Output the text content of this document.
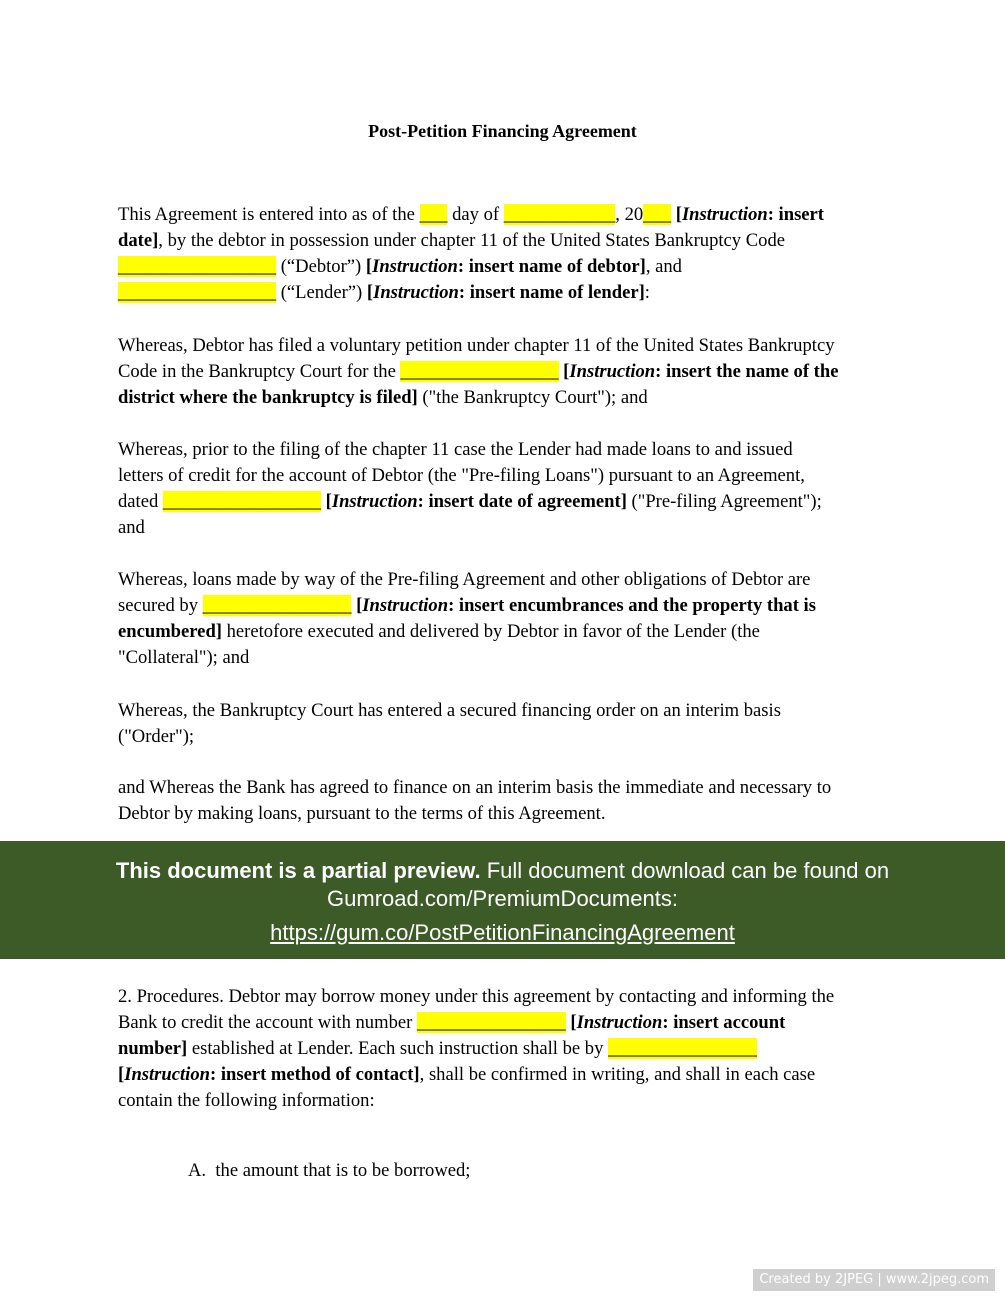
Post-Petition Financing Agreement
This Agreement is entered into as of the ___ day of ____________, 20___ [Instruction: insert
date], by the debtor in possession under chapter 11 of the United States Bankruptcy Code
_________________ (“Debtor”) [Instruction: insert name of debtor], and
_________________ (“Lender”) [Instruction: insert name of lender]:
Whereas, Debtor has filed a voluntary petition under chapter 11 of the United States Bankruptcy
Code in the Bankruptcy Court for the _________________ [Instruction: insert the name of the
district where the bankruptcy is filed] ("the Bankruptcy Court"); and
Whereas, prior to the filing of the chapter 11 case the Lender had made loans to and issued
letters of credit for the account of Debtor (the "Pre-filing Loans") pursuant to an Agreement,
dated _________________ [Instruction: insert date of agreement] ("Pre-filing Agreement");
and
Whereas, loans made by way of the Pre-filing Agreement and other obligations of Debtor are
secured by ________________ [Instruction: insert encumbrances and the property that is
encumbered] heretofore executed and delivered by Debtor in favor of the Lender (the
"Collateral"); and
Whereas, the Bankruptcy Court has entered a secured financing order on an interim basis
("Order");
and Whereas the Bank has agreed to finance on an interim basis the immediate and necessary to
Debtor by making loans, pursuant to the terms of this Agreement.
This document is a partial preview. Full document download can be found on
Gumroad.com/PremiumDocuments:
https://gum.co/PostPetitionFinancingAgreement
2. Procedures. Debtor may borrow money under this agreement by contacting and informing the
Bank to credit the account with number ________________ [Instruction: insert account
number] established at Lender. Each such instruction shall be by ________________
[Instruction: insert method of contact], shall be confirmed in writing, and shall in each case
contain the following information:
A. the amount that is to be borrowed;
Created by 2JPEG | www.2jpeg.com
